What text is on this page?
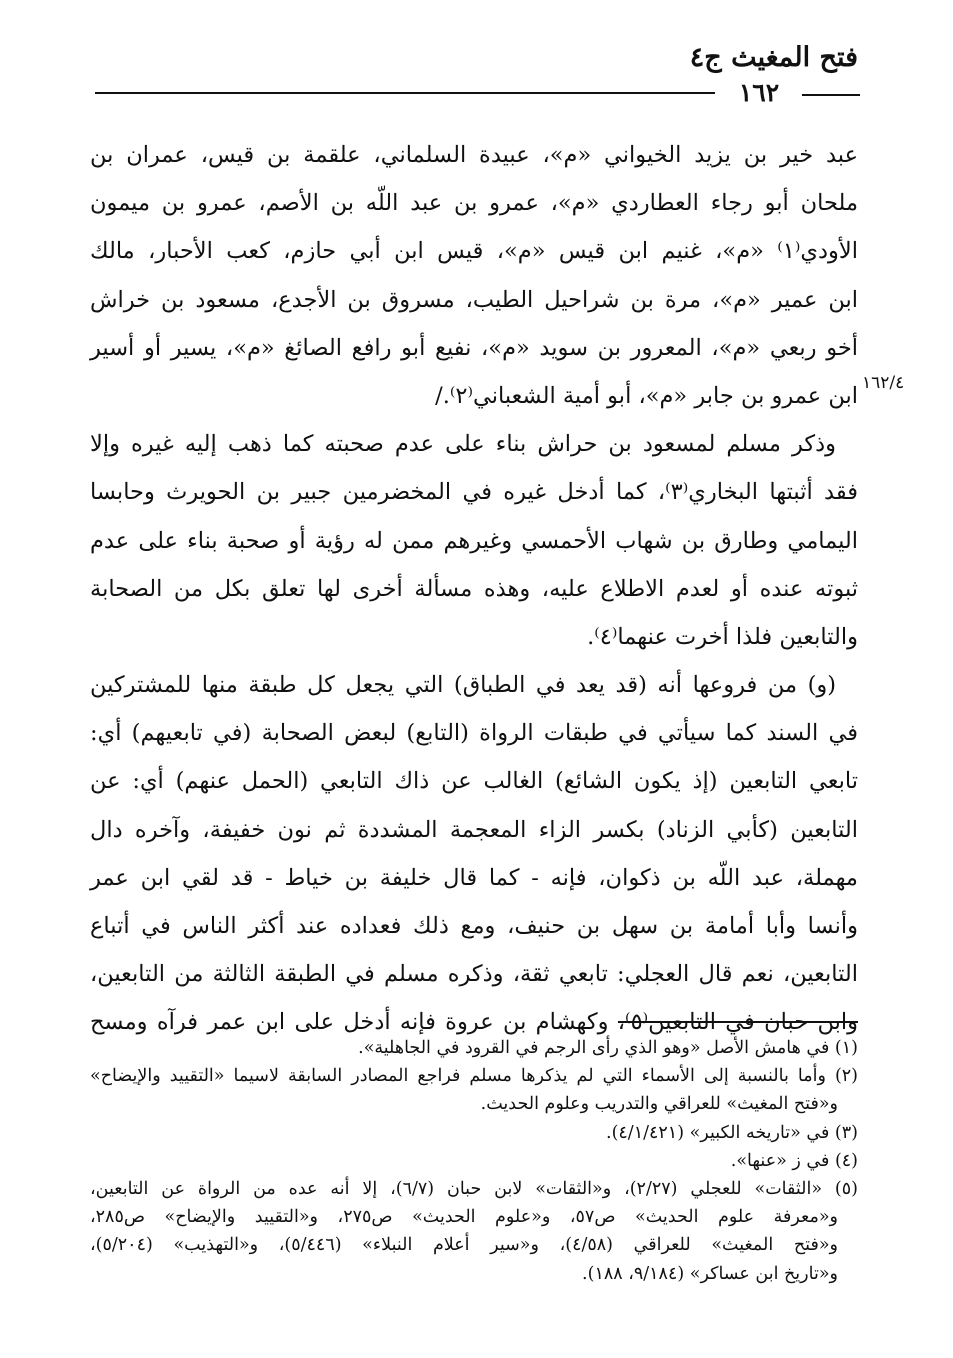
فتح المغيث ج٤
١٦٢
١٦٢/٤
عبد خير بن يزيد الخيواني «م»، عبيدة السلماني، علقمة بن قيس، عمران بن
ملحان أبو رجاء العطاردي «م»، عمرو بن عبد اللّه بن الأصم، عمرو بن ميمون
الأودي⁽١⁾ «م»، غنيم ابن قيس «م»، قيس ابن أبي حازم، كعب الأحبار، مالك
ابن عمير «م»، مرة بن شراحيل الطيب، مسروق بن الأجدع، مسعود بن خراش
أخو ربعي «م»، المعرور بن سويد «م»، نفيع أبو رافع الصائغ «م»، يسير أو أسير
ابن عمرو بن جابر «م»، أبو أمية الشعباني⁽٢⁾./
وذكر مسلم لمسعود بن حراش بناء على عدم صحبته كما ذهب إليه غيره وإلا
فقد أثبتها البخاري⁽٣⁾، كما أدخل غيره في المخضرمين جبير بن الحويرث وحابسا
اليمامي وطارق بن شهاب الأحمسي وغيرهم ممن له رؤية أو صحبة بناء على عدم
ثبوته عنده أو لعدم الاطلاع عليه، وهذه مسألة أخرى لها تعلق بكل من الصحابة
والتابعين فلذا أخرت عنهما⁽٤⁾.
(و) من فروعها أنه (قد يعد في الطباق) التي يجعل كل طبقة منها للمشتركين
في السند كما سيأتي في طبقات الرواة (التابع) لبعض الصحابة (في تابعيهم) أي:
تابعي التابعين (إذ يكون الشائع) الغالب عن ذاك التابعي (الحمل عنهم) أي: عن
التابعين (كأبي الزناد) بكسر الزاء المعجمة المشددة ثم نون خفيفة، وآخره دال
مهملة، عبد اللّه بن ذكوان، فإنه - كما قال خليفة بن خياط - قد لقي ابن عمر
وأنسا وأبا أمامة بن سهل بن حنيف، ومع ذلك فعداده عند أكثر الناس في أتباع
التابعين، نعم قال العجلي: تابعي ثقة، وذكره مسلم في الطبقة الثالثة من التابعين،
وابن حبان في التابعين⁽٥⁾، وكهشام بن عروة فإنه أدخل على ابن عمر فرآه ومسح
(١) في هامش الأصل «وهو الذي رأى الرجم في القرود في الجاهلية».
(٢) وأما بالنسبة إلى الأسماء التي لم يذكرها مسلم فراجع المصادر السابقة لاسيما «التقييد والإيضاح»
و«فتح المغيث» للعراقي والتدريب وعلوم الحديث.
(٣) في «تاريخه الكبير» (٤/١/٤٢١).
(٤) في ز «عنها».
(٥) «الثقات» للعجلي (٢/٢٧)، و«الثقات» لابن حبان (٦/٧)، إلا أنه عده من الرواة عن التابعين،
و«معرفة علوم الحديث» ص٥٧، و«علوم الحديث» ص٢٧٥، و«التقييد والإيضاح» ص٢٨٥،
و«فتح المغيث» للعراقي (٤/٥٨)، و«سير أعلام النبلاء» (٥/٤٤٦)، و«التهذيب» (٥/٢٠٤)،
و«تاريخ ابن عساكر» (٩/١٨٤، ١٨٨).
